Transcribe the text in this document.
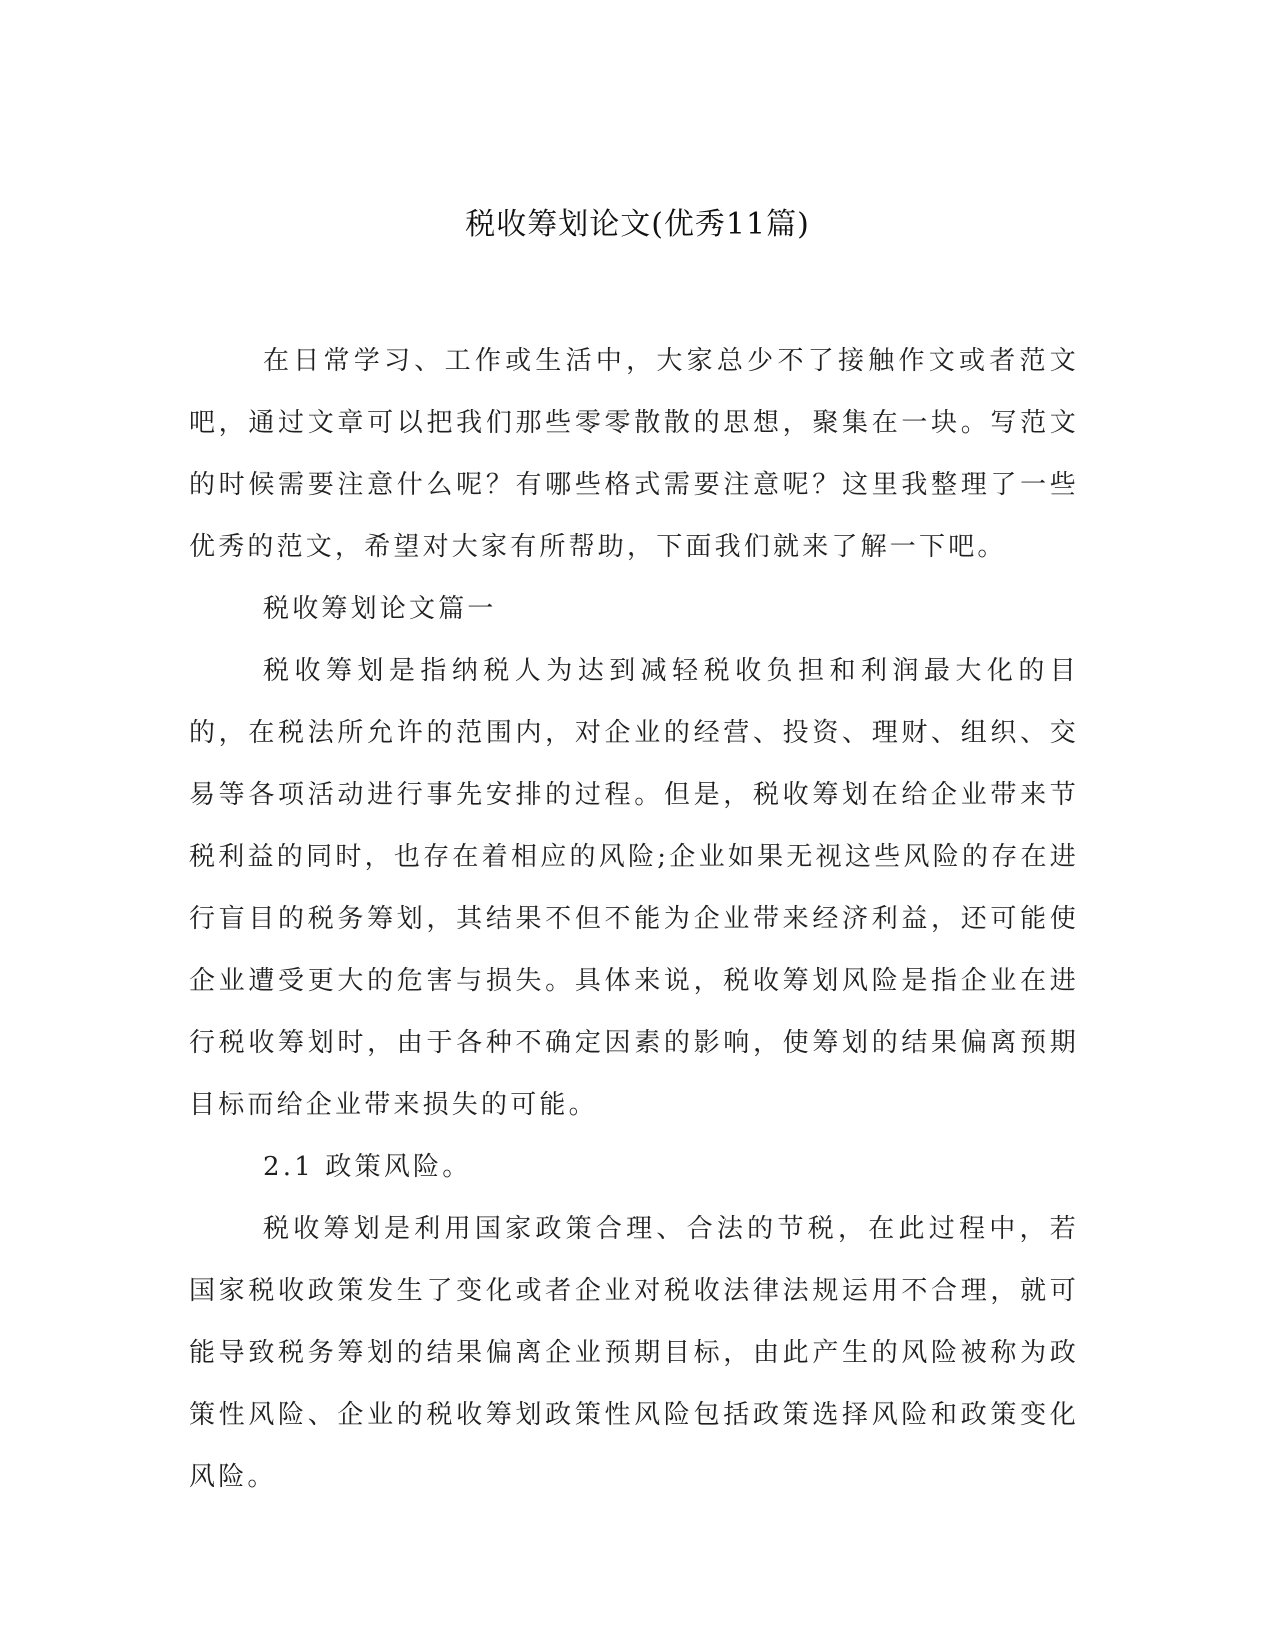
税收筹划论文(优秀11篇)

在日常学习、工作或生活中，大家总少不了接触作文或者范文吧，通过文章可以把我们那些零零散散的思想，聚集在一块。写范文的时候需要注意什么呢？有哪些格式需要注意呢？这里我整理了一些优秀的范文，希望对大家有所帮助，下面我们就来了解一下吧。

税收筹划论文篇一

税收筹划是指纳税人为达到减轻税收负担和利润最大化的目的，在税法所允许的范围内，对企业的经营、投资、理财、组织、交易等各项活动进行事先安排的过程。但是，税收筹划在给企业带来节税利益的同时，也存在着相应的风险;企业如果无视这些风险的存在进行盲目的税务筹划，其结果不但不能为企业带来经济利益，还可能使企业遭受更大的危害与损失。具体来说，税收筹划风险是指企业在进行税收筹划时，由于各种不确定因素的影响，使筹划的结果偏离预期目标而给企业带来损失的可能。

2.1 政策风险。

税收筹划是利用国家政策合理、合法的节税，在此过程中，若国家税收政策发生了变化或者企业对税收法律法规运用不合理，就可能导致税务筹划的结果偏离企业预期目标，由此产生的风险被称为政策性风险、企业的税收筹划政策性风险包括政策选择风险和政策变化风险。
